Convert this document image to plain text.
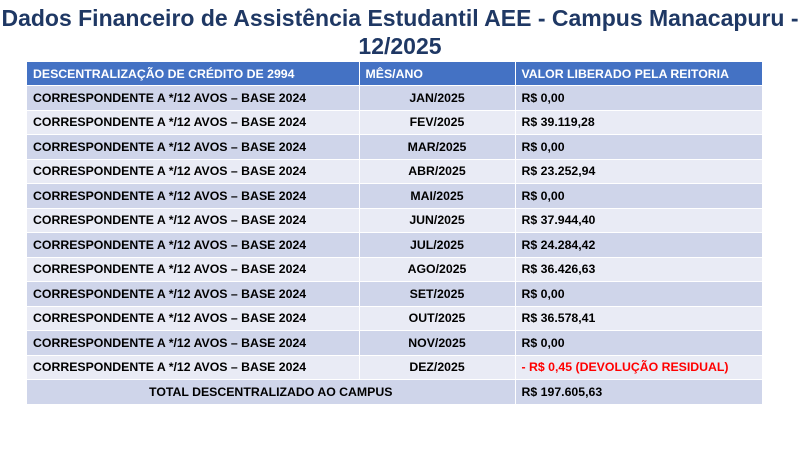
Dados Financeiro de Assistência Estudantil AEE - Campus Manacapuru - 12/2025
DESCENTRALIZAÇÃO DE CRÉDITO DE 2994	MÊS/ANO	VALOR LIBERADO PELA REITORIA
CORRESPONDENTE A */12 AVOS – BASE 2024	JAN/2025	R$ 0,00
CORRESPONDENTE A */12 AVOS – BASE 2024	FEV/2025	R$ 39.119,28
CORRESPONDENTE A */12 AVOS – BASE 2024	MAR/2025	R$ 0,00
CORRESPONDENTE A */12 AVOS – BASE 2024	ABR/2025	R$ 23.252,94
CORRESPONDENTE A */12 AVOS – BASE 2024	MAI/2025	R$ 0,00
CORRESPONDENTE A */12 AVOS – BASE 2024	JUN/2025	R$ 37.944,40
CORRESPONDENTE A */12 AVOS – BASE 2024	JUL/2025	R$ 24.284,42
CORRESPONDENTE A */12 AVOS – BASE 2024	AGO/2025	R$ 36.426,63
CORRESPONDENTE A */12 AVOS – BASE 2024	SET/2025	R$ 0,00
CORRESPONDENTE A */12 AVOS – BASE 2024	OUT/2025	R$ 36.578,41
CORRESPONDENTE A */12 AVOS – BASE 2024	NOV/2025	R$ 0,00
CORRESPONDENTE A */12 AVOS – BASE 2024	DEZ/2025	- R$ 0,45 (DEVOLUÇÃO RESIDUAL)
TOTAL DESCENTRALIZADO AO CAMPUS		R$ 197.605,63
